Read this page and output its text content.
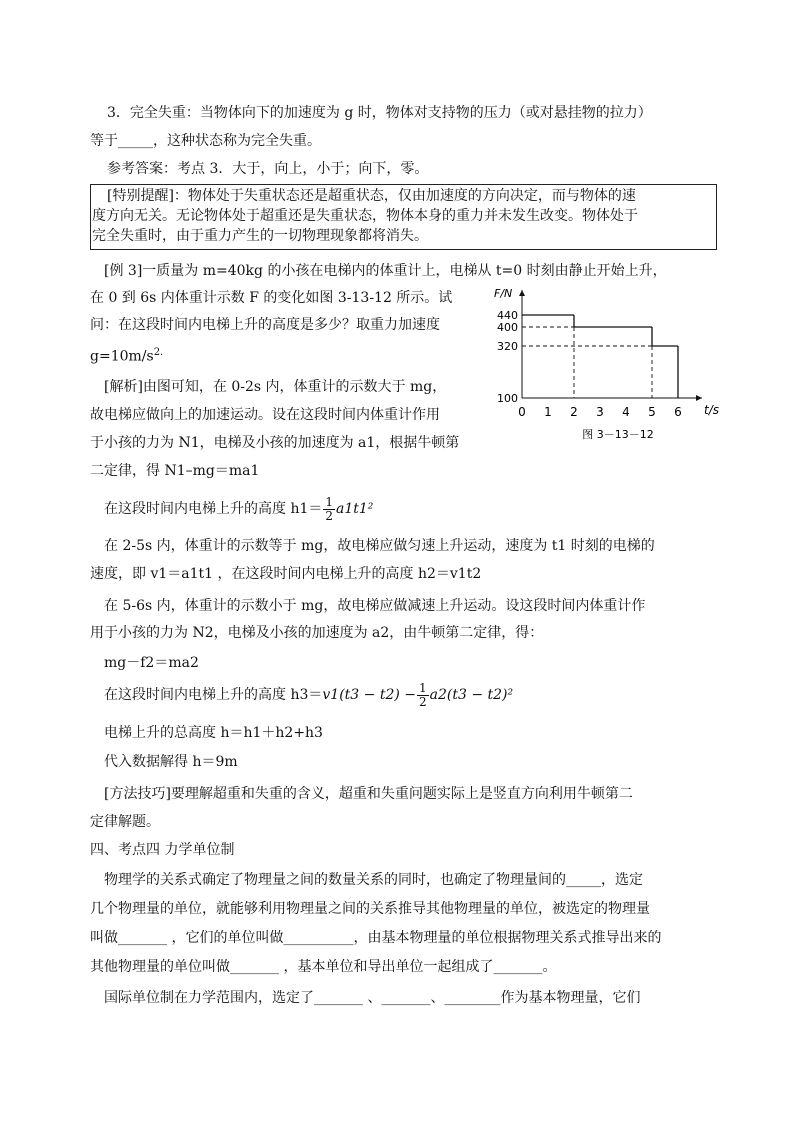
3．完全失重：当物体向下的加速度为 g 时，物体对支持物的压力（或对悬挂物的拉力）
等于_____，这种状态称为完全失重。
参考答案：考点 3．大于，向上，小于；向下，零。
[特别提醒]：物体处于失重状态还是超重状态，仅由加速度的方向决定，而与物体的速
度方向无关。无论物体处于超重还是失重状态，物体本身的重力并未发生改变。物体处于
完全失重时，由于重力产生的一切物理现象都将消失。
[例 3]一质量为 m=40kg 的小孩在电梯内的体重计上，电梯从 t=0 时刻由静止开始上升，
在 0 到 6s 内体重计示数 F 的变化如图 3-13-12 所示。试
问：在这段时间内电梯上升的高度是多少？取重力加速度
$g=10m/s^{2.}$
[解析]由图可知，在 0-2s 内，体重计的示数大于 mg，
故电梯应做向上的加速运动。设在这段时间内体重计作用
于小孩的力为 N1，电梯及小孩的加速度为 a1，根据牛顿第
二定律，得 N1–mg＝ma1
在这段时间内电梯上升的高度 $h1= \frac{1}{2} a1t1^2$
在 2-5s 内，体重计的示数等于 mg，故电梯应做匀速上升运动，速度为 t1 时刻的电梯的
速度，即 v1＝a1t1 ，在这段时间内电梯上升的高度 h2＝v1t2
在 5-6s 内，体重计的示数小于 mg，故电梯应做减速上升运动。设这段时间内体重计作
用于小孩的力为 N2，电梯及小孩的加速度为 a2，由牛顿第二定律，得：
mg－f2＝ma2
在这段时间内电梯上升的高度 $h3=v1(t3 - t2) - \frac{1}{2} a2(t3 - t2)^2$
电梯上升的总高度 h＝h1＋h2+h3
代入数据解得 h＝9m
[方法技巧]要理解超重和失重的含义，超重和失重问题实际上是竖直方向利用牛顿第二
定律解题。
四、考点四 力学单位制
物理学的关系式确定了物理量之间的数量关系的同时，也确定了物理量间的_____，选定
几个物理量的单位，就能够利用物理量之间的关系推导其他物理量的单位，被选定的物理量
叫做_______ ，它们的单位叫做__________，由基本物理量的单位根据物理关系式推导出来的
其他物理量的单位叫做_______ ，基本单位和导出单位一起组成了_______。
国际单位制在力学范围内，选定了_______ 、_______、________作为基本物理量，它们
F/N
t/s
0 1 2 3 4 5 6
100
320
400
440
图 3－13－12
